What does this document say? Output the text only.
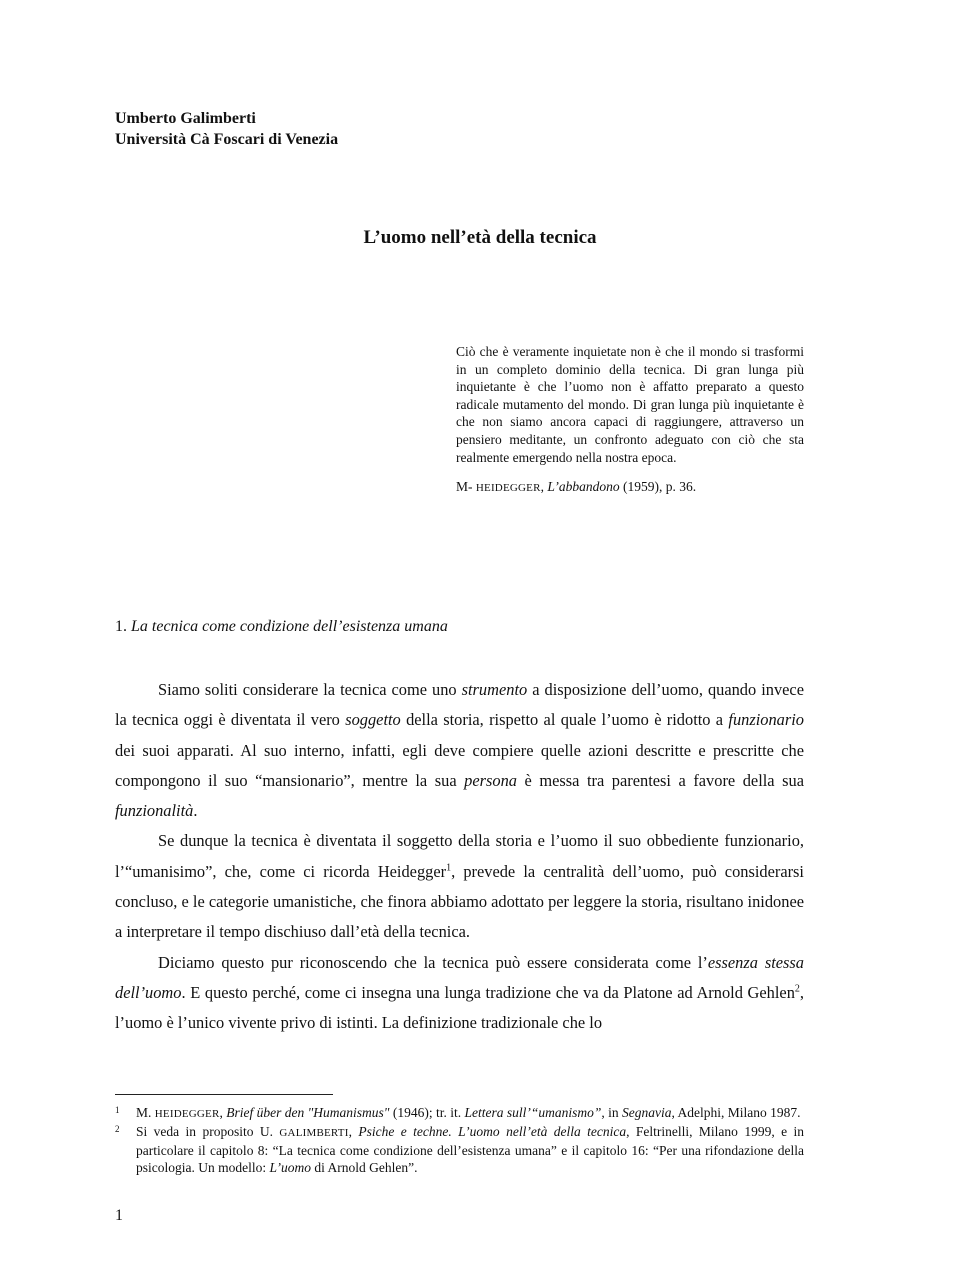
Umberto Galimberti
Università Cà Foscari di Venezia
L’uomo nell’età della tecnica
Ciò che è veramente inquietate non è che il mondo si trasformi in un completo dominio della tecnica. Di gran lunga più inquietante è che l’uomo non è affatto preparato a questo radicale mutamento del mondo. Di gran lunga più inquietante è che non siamo ancora capaci di raggiungere, attraverso un pensiero meditante, un confronto adeguato con ciò che sta realmente emergendo nella nostra epoca.
M- HEIDEGGER, L’abbandono (1959), p. 36.
1. La tecnica come condizione dell’esistenza umana

Siamo soliti considerare la tecnica come uno strumento a disposizione dell’uomo, quando invece la tecnica oggi è diventata il vero soggetto della storia, rispetto al quale l’uomo è ridotto a funzionario dei suoi apparati. Al suo interno, infatti, egli deve compiere quelle azioni descritte e prescritte che compongono il suo “mansionario”, mentre la sua persona è messa tra parentesi a favore della sua funzionalità.

Se dunque la tecnica è diventata il soggetto della storia e l’uomo il suo obbediente funzionario, l’“umanisimo”, che, come ci ricorda Heidegger$^1$, prevede la centralità dell’uomo, può considerarsi concluso, e le categorie umanistiche, che finora abbiamo adottato per leggere la storia, risultano inidonee a interpretare il tempo dischiuso dall’età della tecnica.

Diciamo questo pur riconoscendo che la tecnica può essere considerata come l’essenza stessa dell’uomo. E questo perché, come ci insegna una lunga tradizione che va da Platone ad Arnold Gehlen$^2$, l’uomo è l’unico vivente privo di istinti. La definizione tradizionale che lo

1 M. HEIDEGGER, Brief über den "Humanismus" (1946); tr. it. Lettera sull’“umanismo”, in Segnavia, Adelphi, Milano 1987.
2 Si veda in proposito U. GALIMBERTI, Psiche e techne. L’uomo nell’età della tecnica, Feltrinelli, Milano 1999, e in particolare il capitolo 8: “La tecnica come condizione dell’esistenza umana” e il capitolo 16: “Per una rifondazione della psicologia. Un modello: L’uomo di Arnold Gehlen”.
1
